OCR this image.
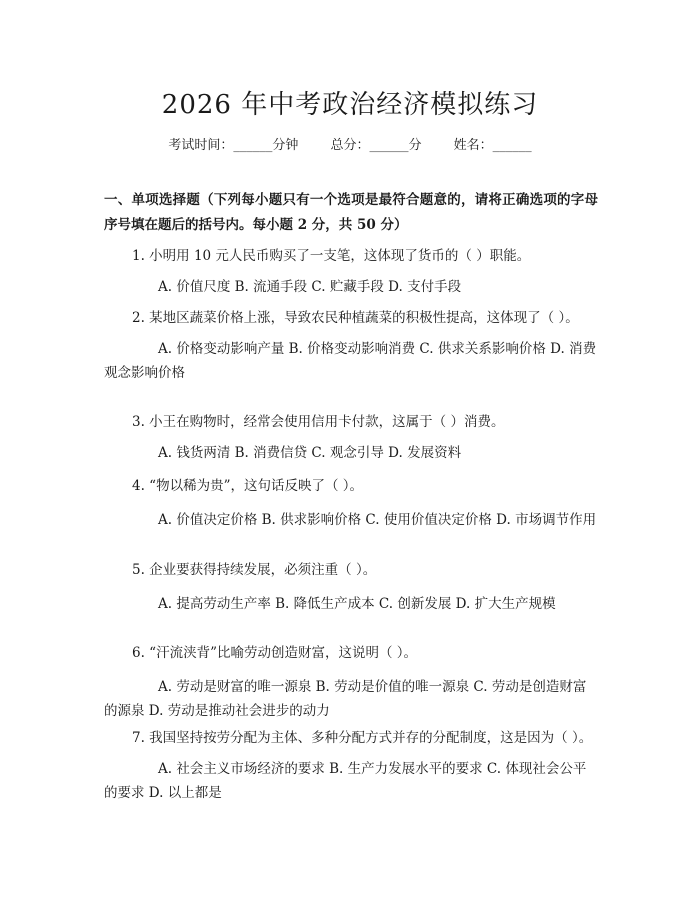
2026 年中考政治经济模拟练习
考试时间：______分钟 总分：______分 姓名：______
一、单项选择题（下列每小题只有一个选项是最符合题意的，请将正确选项的字母序号填在题后的括号内。每小题 2 分，共 50 分）
1. 小明用 10 元人民币购买了一支笔，这体现了货币的（ ）职能。
A. 价值尺度 B. 流通手段 C. 贮藏手段 D. 支付手段
2. 某地区蔬菜价格上涨，导致农民种植蔬菜的积极性提高，这体现了（ ）。
A. 价格变动影响产量 B. 价格变动影响消费 C. 供求关系影响价格 D. 消费观念影响价格
3. 小王在购物时，经常会使用信用卡付款，这属于（ ）消费。
A. 钱货两清 B. 消费信贷 C. 观念引导 D. 发展资料
4. “物以稀为贵”，这句话反映了（ ）。
A. 价值决定价格 B. 供求影响价格 C. 使用价值决定价格 D. 市场调节作用
5. 企业要获得持续发展，必须注重（ ）。
A. 提高劳动生产率 B. 降低生产成本 C. 创新发展 D. 扩大生产规模
6. “汗流浃背”比喻劳动创造财富，这说明（ ）。
A. 劳动是财富的唯一源泉 B. 劳动是价值的唯一源泉 C. 劳动是创造财富的源泉 D. 劳动是推动社会进步的动力
7. 我国坚持按劳分配为主体、多种分配方式并存的分配制度，这是因为（ ）。
A. 社会主义市场经济的要求 B. 生产力发展水平的要求 C. 体现社会公平的要求 D. 以上都是
